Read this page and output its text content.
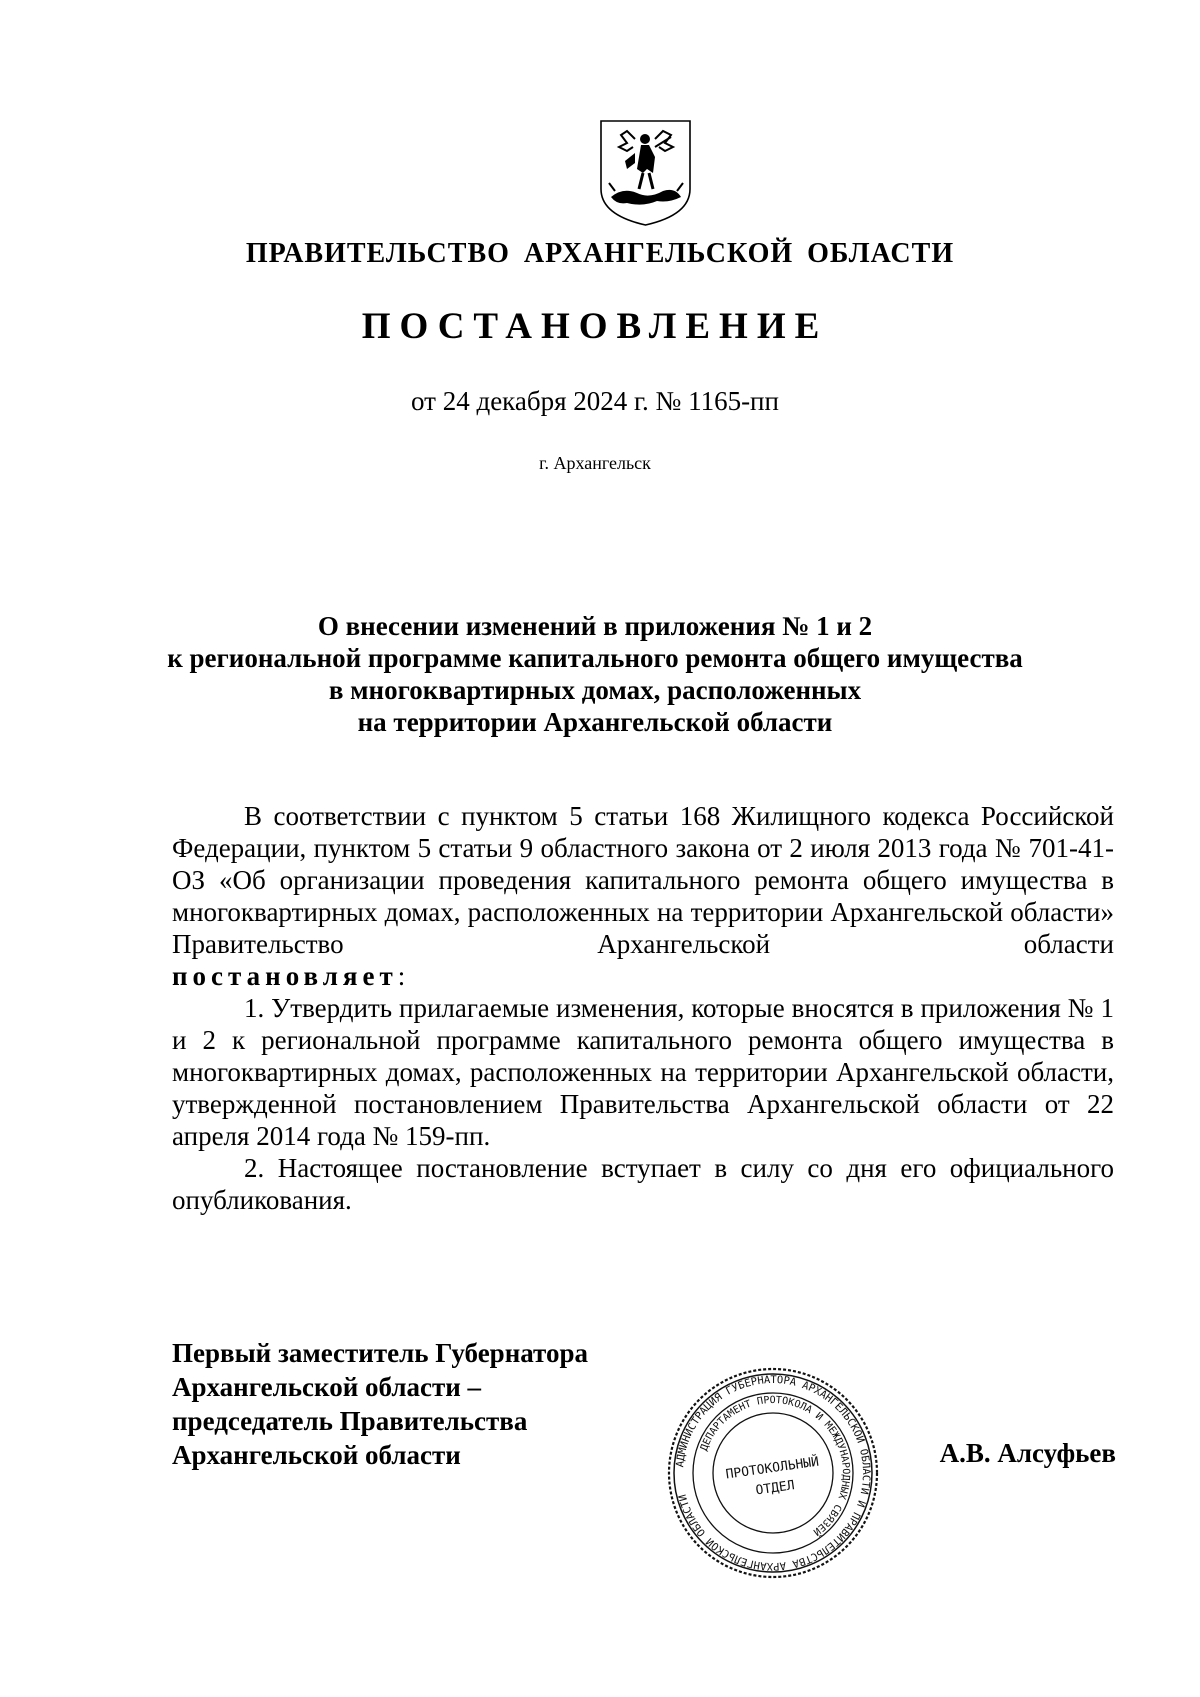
ПРАВИТЕЛЬСТВО АРХАНГЕЛЬСКОЙ ОБЛАСТИ
ПОСТАНОВЛЕНИЕ
от 24 декабря 2024 г. № 1165-пп
г. Архангельск
О внесении изменений в приложения № 1 и 2
к региональной программе капитального ремонта общего имущества
в многоквартирных домах, расположенных
на территории Архангельской области

В соответствии с пунктом 5 статьи 168 Жилищного кодекса Российской Федерации, пунктом 5 статьи 9 областного закона от 2 июля 2013 года № 701-41-ОЗ «Об организации проведения капитального ремонта общего имущества в многоквартирных домах, расположенных на территории Архангельской области» Правительство Архангельской области

постановляет:

1. Утвердить прилагаемые изменения, которые вносятся в приложения № 1 и 2 к региональной программе капитального ремонта общего имущества в многоквартирных домах, расположенных на территории Архангельской области, утвержденной постановлением Правительства Архангельской области от 22 апреля 2014 года № 159-пп.

2. Настоящее постановление вступает в силу со дня его официального опубликования.

Первый заместитель Губернатора
Архангельской области –
председатель Правительства
Архангельской области	АДМИНИСТРАЦИЯ ГУБЕРНАТОРА АРХАНГЕЛЬСКОЙ ОБЛАСТИ И ПРАВИТЕЛЬСТВА АРХАНГЕЛЬСКОЙ ОБЛАСТИ
ДЕПАРТАМЕНТ ПРОТОКОЛА И МЕЖДУНАРОДНЫХ СВЯЗЕЙ
ПРОТОКОЛЬНЫЙ
ОТДЕЛ
А.В. Алсуфьев
